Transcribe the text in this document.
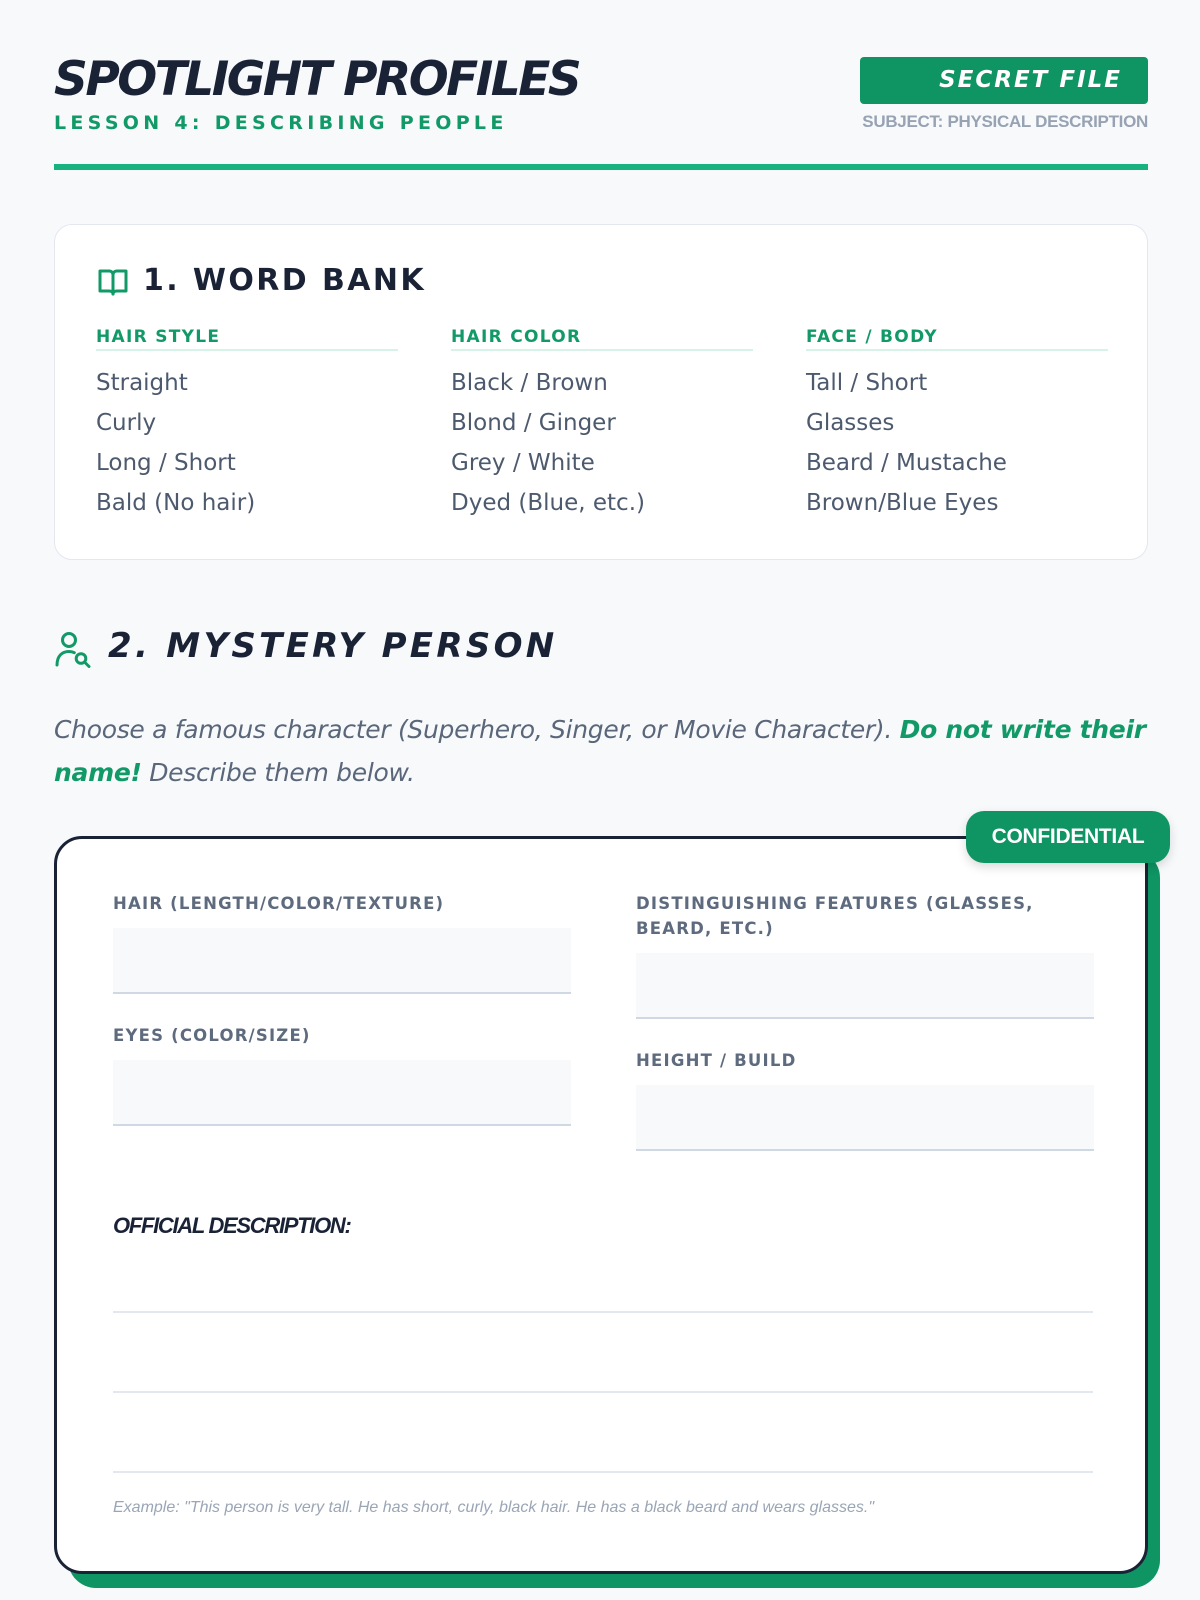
SPOTLIGHT PROFILES
LESSON 4: DESCRIBING PEOPLE
SECRET FILE
SUBJECT: PHYSICAL DESCRIPTION
1. WORD BANK
HAIR STYLE
Straight
Curly
Long / Short
Bald (No hair)
HAIR COLOR
Black / Brown
Blond / Ginger
Grey / White
Dyed (Blue, etc.)
FACE / BODY
Tall / Short
Glasses
Beard / Mustache
Brown/Blue Eyes
2. MYSTERY PERSON
Choose a famous character (Superhero, Singer, or Movie Character). Do not write their name! Describe them below.
HAIR (LENGTH/COLOR/TEXTURE)
EYES (COLOR/SIZE)
DISTINGUISHING FEATURES (GLASSES, BEARD, ETC.)
HEIGHT / BUILD
OFFICIAL DESCRIPTION:
Example: "This person is very tall. He has short, curly, black hair. He has a black beard and wears glasses."
CONFIDENTIAL
